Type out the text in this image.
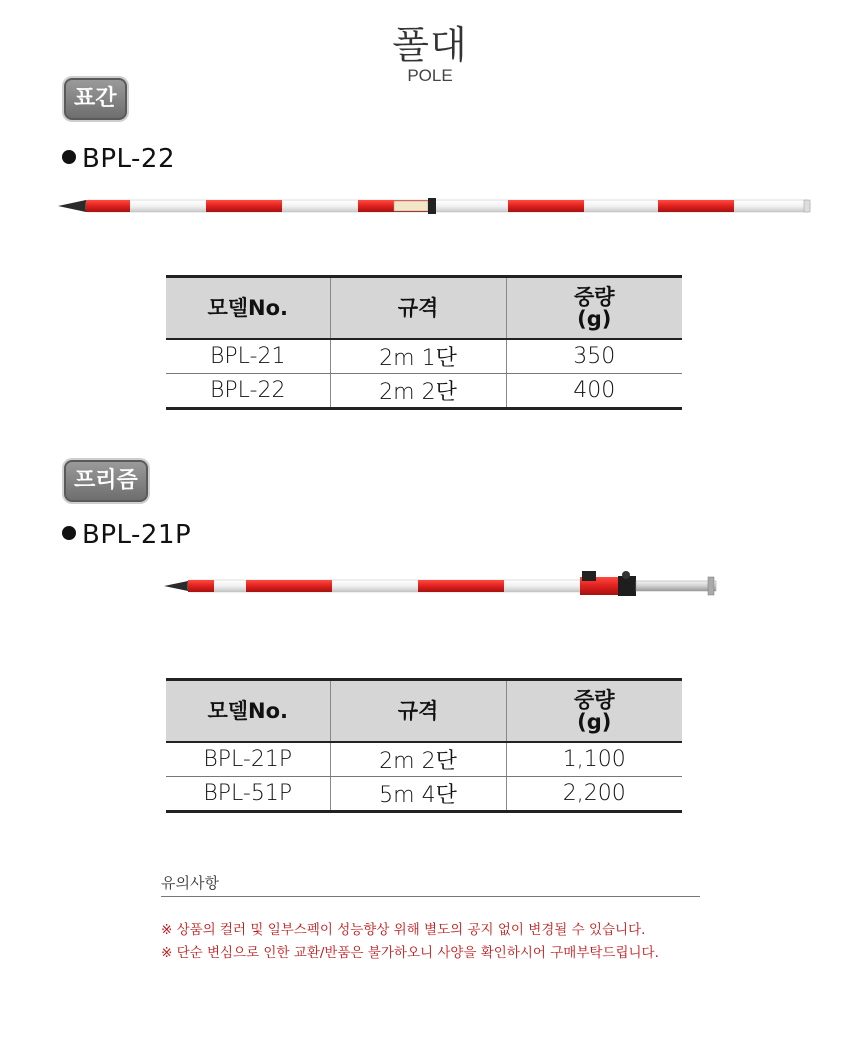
폴대
POLE
표간
BPL-22
모델No.	규격	중량
(g)
BPL-21	2m 1단	350
BPL-22	2m 2단	400
프리즘
BPL-21P
모델No.	규격	중량
(g)
BPL-21P	2m 2단	1,100
BPL-51P	5m 4단	2,200
유의사항
※ 상품의 컬러 및 일부스펙이 성능향상 위해 별도의 공지 없이 변경될 수 있습니다.
※ 단순 변심으로 인한 교환/반품은 불가하오니 사양을 확인하시어 구매부탁드립니다.
